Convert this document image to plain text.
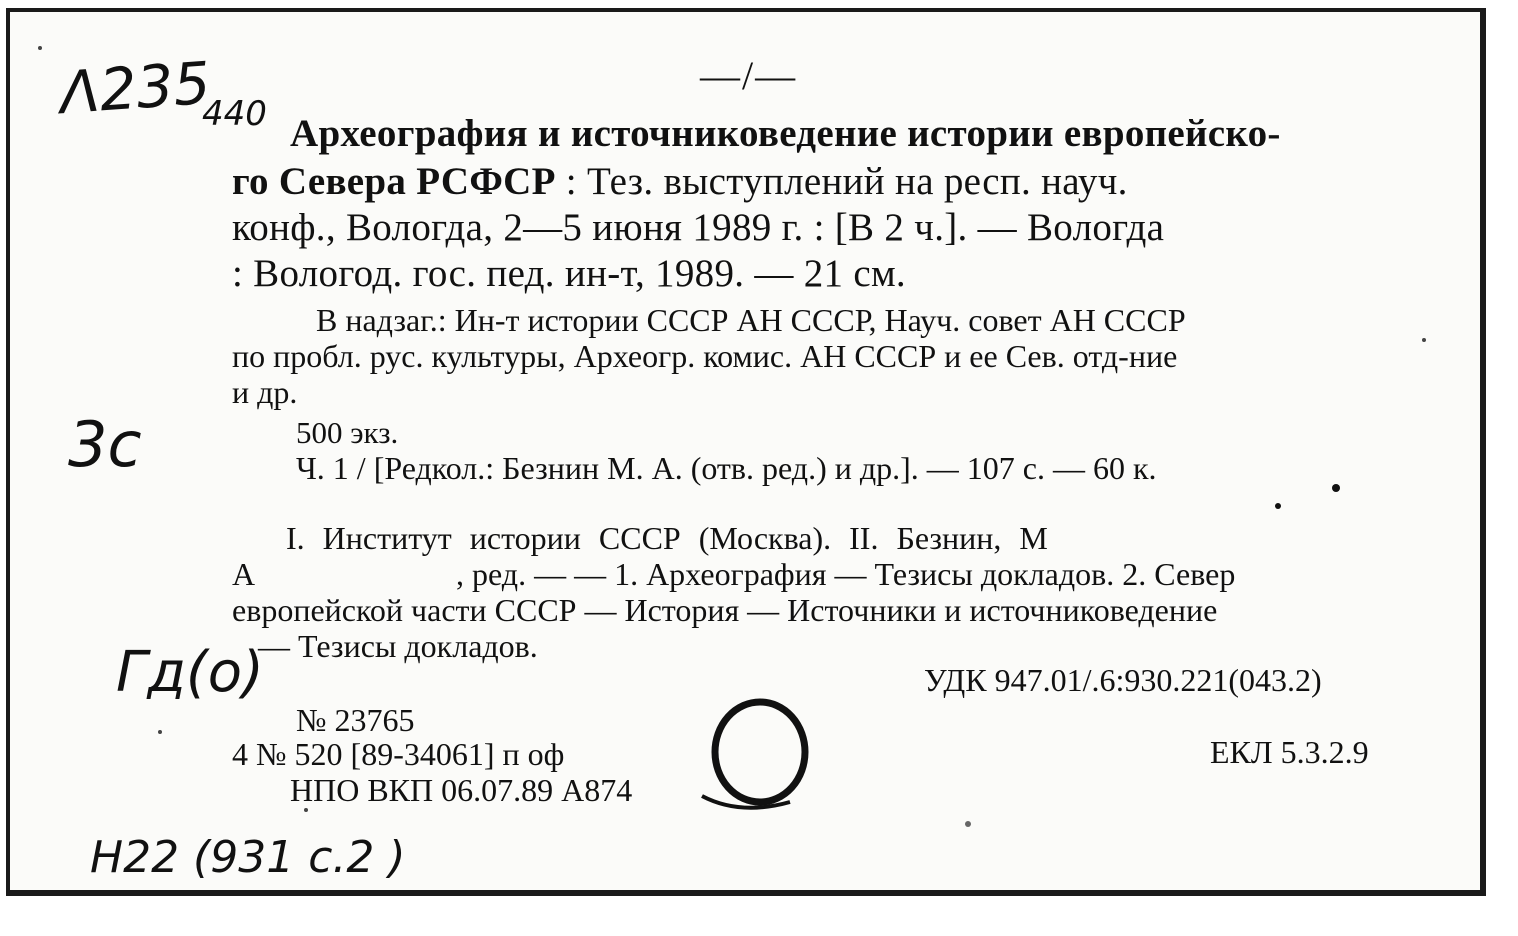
—/—
Λ235
440 Археография и источниковедение истории европейско-
го Севера РСФСР : Тез. выступлений на респ. науч.
конф., Вологда, 2—5 июня 1989 г. : [В 2 ч.]. — Вологда
: Вологод. гос. пед. ин-т, 1989. — 21 см.
В надзаг.: Ин-т истории СССР АН СССР, Науч. совет АН СССР
по пробл. рус. культуры, Археогр. комис. АН СССР и ее Сев. отд-ние
и др.
3c	500 экз.
Ч. 1 / [Редкол.: Безнин М. А. (отв. ред.) и др.]. — 107 с. — 60 к.
I. Институт истории СССР (Москва). II. Безнин, М
А	, ред. — — 1. Археография — Тезисы докладов. 2. Север
европейской части СССР — История — Источники и источниковедение
— Тезисы докладов.
Гд(о)	УДК 947.01/.6:930.221(043.2)
№ 23765
4 № 520 [89-34061] п оф
НПО ВКП 06.07.89 А874
ЕКЛ 5.3.2.9
Н22 (931 с.2 )
